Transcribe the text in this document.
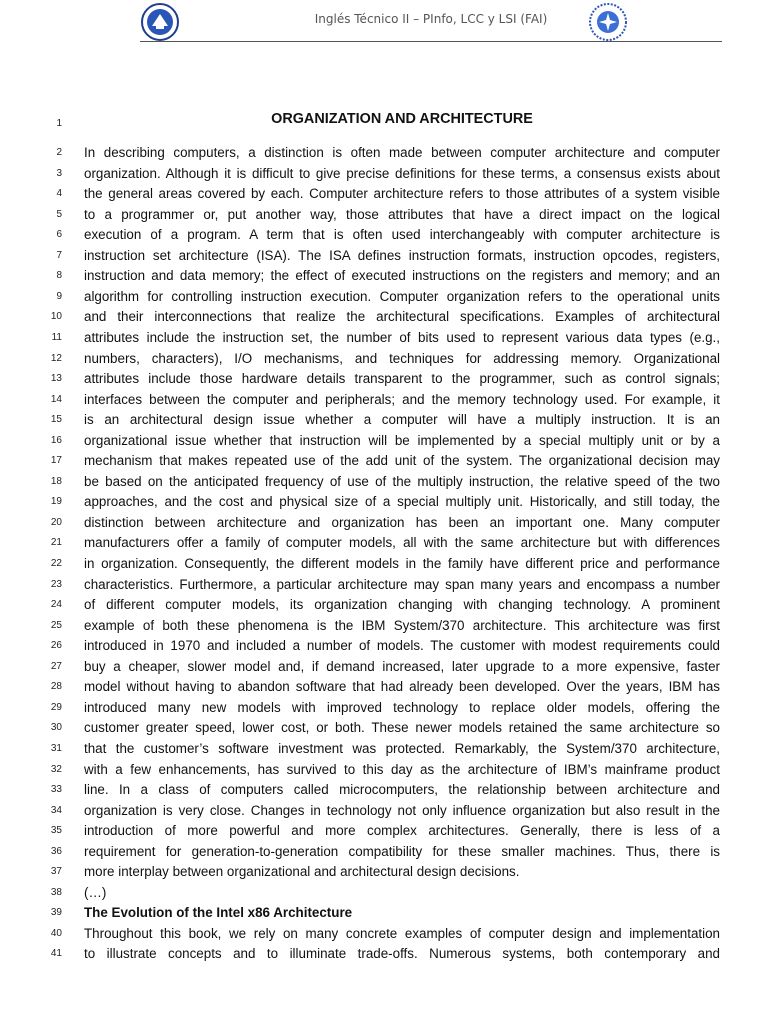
Inglés Técnico II – PInfo, LCC y LSI (FAI)
1	ORGANIZATION AND ARCHITECTURE
2 In describing computers, a distinction is often made between computer architecture and computer
3 organization. Although it is difficult to give precise definitions for these terms, a consensus exists about
4 the general areas covered by each. Computer architecture refers to those attributes of a system visible
5 to a programmer or, put another way, those attributes that have a direct impact on the logical
6 execution of a program. A term that is often used interchangeably with computer architecture is
7 instruction set architecture (ISA). The ISA defines instruction formats, instruction opcodes, registers,
8 instruction and data memory; the effect of executed instructions on the registers and memory; and an
9 algorithm for controlling instruction execution. Computer organization refers to the operational units
10 and their interconnections that realize the architectural specifications. Examples of architectural
11 attributes include the instruction set, the number of bits used to represent various data types (e.g.,
12 numbers, characters), I/O mechanisms, and techniques for addressing memory. Organizational
13 attributes include those hardware details transparent to the programmer, such as control signals;
14 interfaces between the computer and peripherals; and the memory technology used. For example, it
15 is an architectural design issue whether a computer will have a multiply instruction. It is an
16 organizational issue whether that instruction will be implemented by a special multiply unit or by a
17 mechanism that makes repeated use of the add unit of the system. The organizational decision may
18 be based on the anticipated frequency of use of the multiply instruction, the relative speed of the two
19 approaches, and the cost and physical size of a special multiply unit. Historically, and still today, the
20 distinction between architecture and organization has been an important one. Many computer
21 manufacturers offer a family of computer models, all with the same architecture but with differences
22 in organization. Consequently, the different models in the family have different price and performance
23 characteristics. Furthermore, a particular architecture may span many years and encompass a number
24 of different computer models, its organization changing with changing technology. A prominent
25 example of both these phenomena is the IBM System/370 architecture. This architecture was first
26 introduced in 1970 and included a number of models. The customer with modest requirements could
27 buy a cheaper, slower model and, if demand increased, later upgrade to a more expensive, faster
28 model without having to abandon software that had already been developed. Over the years, IBM has
29 introduced many new models with improved technology to replace older models, offering the
30 customer greater speed, lower cost, or both. These newer models retained the same architecture so
31 that the customer’s software investment was protected. Remarkably, the System/370 architecture,
32 with a few enhancements, has survived to this day as the architecture of IBM’s mainframe product
33 line. In a class of computers called microcomputers, the relationship between architecture and
34 organization is very close. Changes in technology not only influence organization but also result in the
35 introduction of more powerful and more complex architectures. Generally, there is less of a
36 requirement for generation-to-generation compatibility for these smaller machines. Thus, there is
37 more interplay between organizational and architectural design decisions.
38 (…)
39 The Evolution of the Intel x86 Architecture
40 Throughout this book, we rely on many concrete examples of computer design and implementation
41 to illustrate concepts and to illuminate trade-offs. Numerous systems, both contemporary and
